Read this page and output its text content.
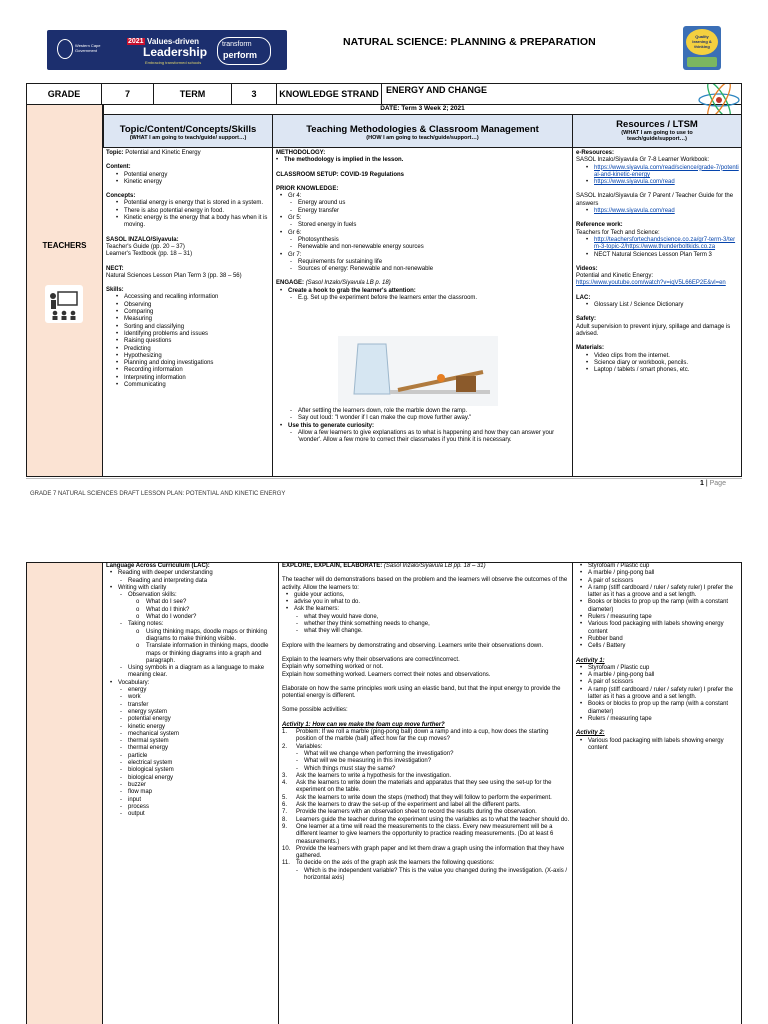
Western Cape Government
2021 Values-driven
Leadership
Embracing transformed schools
transform
perform
NATURAL SCIENCE: PLANNING & PREPARATION	Quality learning & thinking
GRADE	7	TERM	3	KNOWLEDGE STRAND	ENERGY AND CHANGE
DATE: Term 3 Week 2; 2021
TEACHERS
Topic/Content/Concepts/Skills
(WHAT I am going to teach/guide/ support…)
Teaching Methodologies & Classroom Management
(HOW I am going to teach/guide/support…)
Resources / LTSM
(WHAT I am going to use to
teach/guide/support…)
Topic: Potential and Kinetic Energy
Content:
• Potential energy
• Kinetic energy
Concepts:
• Potential energy is energy that is stored in a system.
• There is also potential energy in food.
• Kinetic energy is the energy that a body has when it is moving.
SASOL INZALO/Siyavula:
Teacher's Guide (pp. 20 – 37)
Learner's Textbook (pp. 18 – 31)
NECT:
Natural Sciences Lesson Plan Term 3 (pp. 38 – 56)
Skills:
• Accessing and recalling information
• Observing
• Comparing
• Measuring
• Sorting and classifying
• Identifying problems and issues
• Raising questions
• Predicting
• Hypothesizing
• Planning and doing investigations
• Recording information
• Interpreting information
• Communicating
METHODOLOGY:
• The methodology is implied in the lesson.
CLASSROOM SETUP: COVID-19 Regulations
PRIOR KNOWLEDGE:
• Gr 4:
- Energy around us
- Energy transfer
• Gr 5:
- Stored energy in fuels
• Gr 6:
- Photosynthesis
- Renewable and non-renewable energy sources
• Gr 7:
- Requirements for sustaining life
- Sources of energy: Renewable and non-renewable
ENGAGE: (Sasol Inzalo/Siyavula LB p. 18)
• Create a hook to grab the learner's attention:
- E.g. Set up the experiment before the learners enter the classroom.
- After settling the learners down, role the marble down the ramp.
- Say out loud: "I wonder if I can make the cup move further away."
• Use this to generate curiosity:
- Allow a few learners to give explanations as to what is happening and how they can answer your 'wonder'. Allow a few more to correct their classmates if you think it is necessary.
e-Resources:
SASOL Inzalo/Siyavula Gr 7-8 Learner Workbook:
• https://www.siyavula.com/read/science/grade-7/potential-and-kinetic-energy
• https://www.siyavula.com/read
SASOL Inzalo/Siyavula Gr 7 Parent / Teacher Guide for the answers
• https://www.siyavula.com/read
Reference work:
Teachers for Tech and Science:
• http://teachersfortechandscience.co.za/gr7-term-3/term-3-topic-2/https://www.thunderboltkids.co.za
• NECT Natural Sciences Lesson Plan Term 3
Videos:
Potential and Kinetic Energy:
https://www.youtube.com/watch?v=iqV5L66EP2E&vl=en
LAC:
• Glossary List / Science Dictionary
Safety:
Adult supervision to prevent injury, spillage and damage is advised.
Materials:
• Video clips from the internet.
• Science diary or workbook, pencils.
• Laptop / tablets / smart phones, etc.
1 | Page
GRADE 7 NATURAL SCIENCES DRAFT LESSON PLAN: POTENTIAL AND KINETIC ENERGY
Language Across Curriculum (LAC):
• Reading with deeper understanding
- Reading and interpreting data
• Writing with clarity
- Observation skills:
o What do I see?
o What do I think?
o What do I wonder?
- Taking notes:
o Using thinking maps, doodle maps or thinking diagrams to make thinking visible.
o Translate information in thinking maps, doodle maps or thinking diagrams into a graph and paragraph.
- Using symbols in a diagram as a language to make meaning clear.
• Vocabulary:
- energy
- work
- transfer
- energy system
- potential energy
- kinetic energy
- mechanical system
- thermal system
- thermal energy
- particle
- electrical system
- biological system
- biological energy
- buzzer
- flow map
- input
- process
- output
EXPLORE, EXPLAIN, ELABORATE: (Sasol Inzalo/Siyavula LB pp. 18 – 31)
The teacher will do demonstrations based on the problem and the learners will observe the outcomes of the activity. Allow the learners to:
• guide your actions,
• advise you in what to do.
• Ask the learners:
- what they would have done,
- whether they think something needs to change,
- what they will change.
Explore with the learners by demonstrating and observing. Learners write their observations down.
Explain to the learners why their observations are correct/incorrect.
Explain why something worked or not.
Explain how something worked. Learners correct their notes and observations.
Elaborate on how the same principles work using an elastic band, but that the input energy to provide the potential energy is different.
Some possible activities:
Activity 1: How can we make the foam cup move further?
1. Problem: If we roll a marble (ping-pong ball) down a ramp and into a cup, how does the starting position of the marble (ball) affect how far the cup moves?
2. Variables:
- What will we change when performing the investigation?
- What will we be measuring in this investigation?
- Which things must stay the same?
3. Ask the learners to write a hypothesis for the investigation.
4. Ask the learners to write down the materials and apparatus that they see using the set-up for the experiment on the table.
5. Ask the learners to write down the steps (method) that they will follow to perform the experiment.
6. Ask the learners to draw the set-up of the experiment and label all the different parts.
7. Provide the learners with an observation sheet to record the results during the observation.
8. Learners guide the teacher during the experiment using the variables as to what the teacher should do.
9. One learner at a time will read the measurements to the class. Every new measurement will be a different learner to give learners the opportunity to practice reading measurements. (Do at least 6 measurements.)
10. Provide the learners with graph paper and let them draw a graph using the information that they have gathered.
11. To decide on the axis of the graph ask the learners the following questions:
- Which is the independent variable? This is the value you changed during the investigation. (X-axis / horizontal axis)
• Styrofoam / Plastic cup
• A marble / ping-pong ball
• A pair of scissors
• A ramp (stiff cardboard / ruler / safety ruler) I prefer the latter as it has a groove and a set length.
• Books or blocks to prop up the ramp (with a constant diameter)
• Rulers / measuring tape
• Various food packaging with labels showing energy content
• Rubber band
• Cells / Battery
Activity 1:
• Styrofoam / Plastic cup
• A marble / ping-pong ball
• A pair of scissors
• A ramp (stiff cardboard / ruler / safety ruler) I prefer the latter as it has a groove and a set length.
• Books or blocks to prop up the ramp (with a constant diameter)
• Rulers / measuring tape
Activity 2:
• Various food packaging with labels showing energy content
